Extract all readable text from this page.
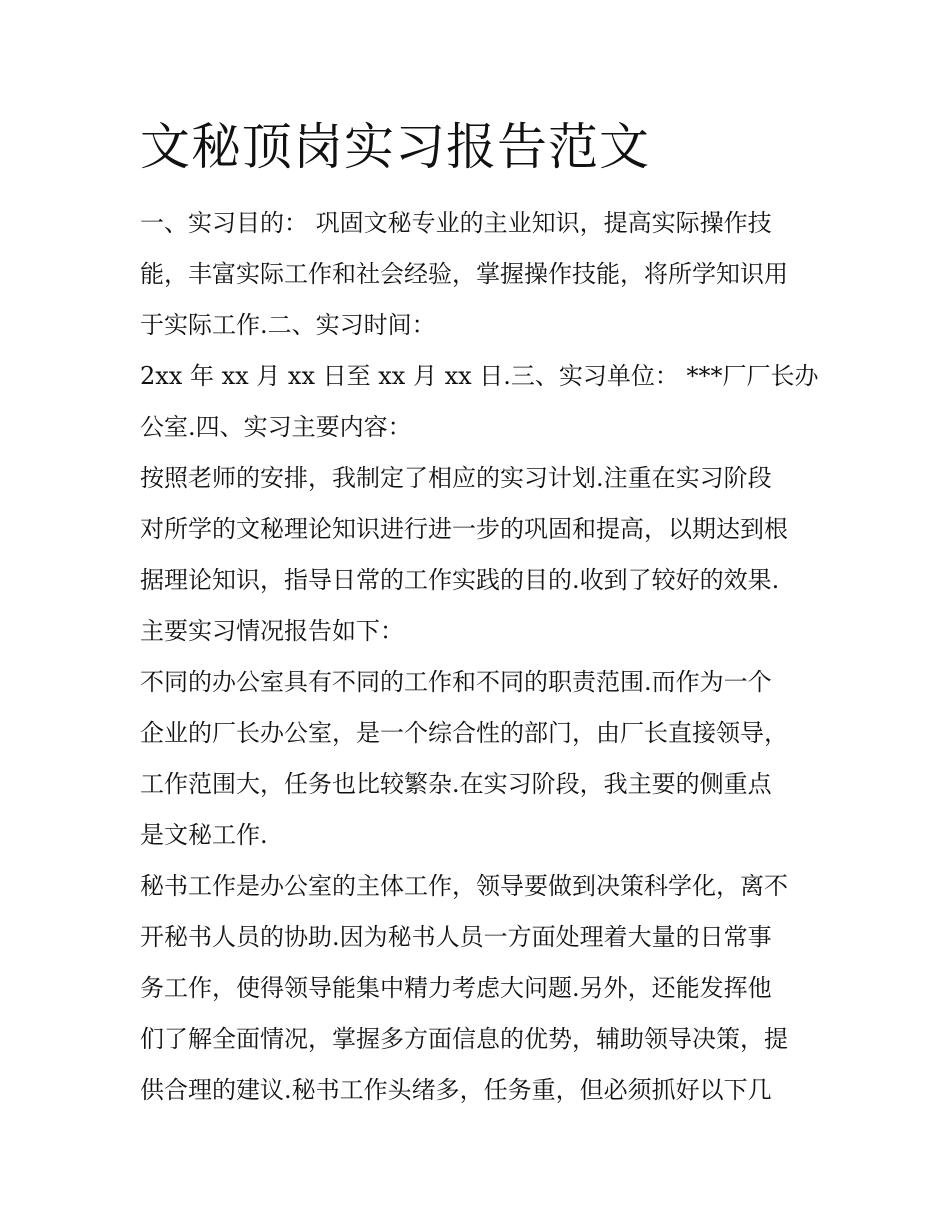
文秘顶岗实习报告范文
一、实习目的： 巩固文秘专业的主业知识，提高实际操作技
能，丰富实际工作和社会经验，掌握操作技能，将所学知识用
于实际工作.二、实习时间：
2xx 年 xx 月 xx 日至 xx 月 xx 日.三、实习单位： ***厂厂长办
公室.四、实习主要内容：
按照老师的安排，我制定了相应的实习计划.注重在实习阶段
对所学的文秘理论知识进行进一步的巩固和提高，以期达到根
据理论知识，指导日常的工作实践的目的.收到了较好的效果.
主要实习情况报告如下：
不同的办公室具有不同的工作和不同的职责范围.而作为一个
企业的厂长办公室，是一个综合性的部门，由厂长直接领导，
工作范围大，任务也比较繁杂.在实习阶段，我主要的侧重点
是文秘工作.
秘书工作是办公室的主体工作，领导要做到决策科学化，离不
开秘书人员的协助.因为秘书人员一方面处理着大量的日常事
务工作，使得领导能集中精力考虑大问题.另外，还能发挥他
们了解全面情况，掌握多方面信息的优势，辅助领导决策，提
供合理的建议.秘书工作头绪多，任务重，但必须抓好以下几
